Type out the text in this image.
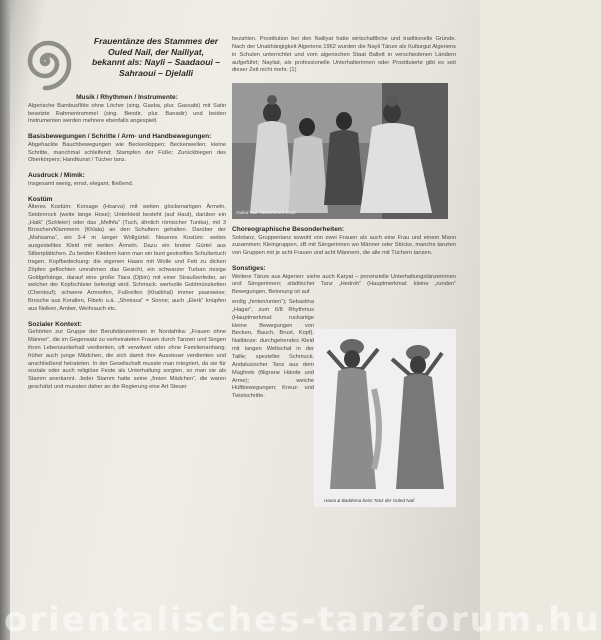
Frauentänze des Stammes der
Ouled Nail, der Nailiyat,
bekannt als: Nayli – Saadaoui –
Sahraoui – Djelalli
Musik / Rhythmen / Instrumente:
Algerische Bambusflöte ohne Löcher (sing. Gasba, plur. Gassabi) mit Satin besetzte Rahmentrommel (sing. Bendir, plur. Banadir) und beiden Instrumenten werden mehrere ebenfalls angespielt.
Basisbewegungen / Schritte / Arm- und Handbewegungen:
Abgehackte Bauchbewegungen wie Beckenkippen; Beckenwellen; kleine Schritte, manchmal schleifend; Stampfen der Füße; Zurückbiegen des Oberkörpers; Handkunst / Tücher tanz.
Ausdruck / Mimik:
Insgesamt wenig, ernst, elegant, fließend.
Kostüm
Älteres Kostüm: Korsage (Hsarva) mit weiten glockenartigen Ärmeln, Seidenrock (weite lange Hose); Unterkleid besteht (auf Haut), darüber ein „Haik“ (Schleier) oder das „Melhfa“ (Tuch, ähnlich römischer Tunika), mit 3 Broschen/Klammern (Khlala) an den Schultern gehalten. Darüber der „Mahsama“, ein 3-4 m langer Wollgürtel. Neueres Kostüm: weites ausgestelltes Kleid mit weiten Ärmeln. Dazu ein breiter Gürtel aus Silberplättchen. Zu beiden Kleidern kann man ein bunt gestreiftes Schultertuch tragen. Kopfbedeckung: die eigenen Haare mit Wolle und Fett zu dicken Zöpfen geflochten umrahmen das Gesicht, ein schwarzer Turban riesige Goldgehänge, darauf eine große Tiara (Djbin) mit einer Straußenfeder, an welcher der Kopfschleier befestigt wird. Schmuck: wertvolle Goldmünzketten (Chentouf); schwere Armreifen, Fußreifen (Khalkhal) immer paarweise; Brosche aus Korallen, Fibeln u.ä. „Shmissa“ = Sonne; auch „Elerk“ knüpfen aus Nelken, Amber, Weihrauch etc.
Sozialer Kontext:
Gehörten zur Gruppe der Berufstänzerinnen in Nordafrika: „Frauen ohne Männer“, die im Gegensatz zu verheirateten Frauen durch Tanzen und Singen ihren Lebensunterhalt verdienten, oft verwitwet oder ohne Familienanhang; früher auch junge Mädchen, die sich damit ihre Aussteuer verdienten und anschließend heirateten. In der Gesellschaft musste man integriert, da sie für soziale oder auch religiöse Feste als Unterhaltung sorgten, so man sie als Stamm anerkannt. Jeder Stamm hatte seine „freien Mädchen“, die waren geschätzt und mussten daher an die Regierung eine Art Steuer
bezahlen. Prostitution bei den Nailiyat hatte wirtschaftliche und traditionelle Gründe. Nach der Unabhängigkeit Algeriens 1962 wurden die Nayli Tänze als Kulturgut Algeriens in Schulen unterrichtet und vom algerischen Staat Ballett in verschiedenen Ländern aufgeführt; Nayliat, als professionelle Unterhalterinnen oder Prostituierte gibt es seit dieser Zeit nicht mehr. (1)
Ouled Nail Tänzerinnen 1932
Choreographische Besonderheiten:
Solotanz, Gruppentanz sowohl von zwei Frauen als auch eine Frau und einem Mann zusammen; Kleingruppen, zB mit Sängerinnen wo Männer oder Stöcke, manche tanzten von Gruppen mit je acht Frauen und acht Männern, die alle mit Tüchern tanzen.
Sonstiges:
Weitere Tänze aus Algerien: siehe auch Karyat – provinzielle Unterhaltungstänzerinnen und Sängerinnen; städtischer Tanz „Hedroh“ (Hauptmerkmal: kleine „runden“ Bewegungen, Betonung ist auf
endig „hinten/unten“); Sebastina „Hagar“, zum 6/8 Rhythmus (Hauptmerkmal: ruckartige kleine Bewegungen von Becken, Bauch, Brust, Kopf). Nailtänze: durchgehendes Kleid mit langen Weltschal in der Taille; spezieller Schmuck. Andalusischer Tanz aus dem Maghreb (filigrane Hände und Arme); weiche Hüftbewegungen; Kreuz- und Twistschritte.
Hania & Baddema beim Tanz der Ouled Nail
orientalisches-tanzforum.hu
